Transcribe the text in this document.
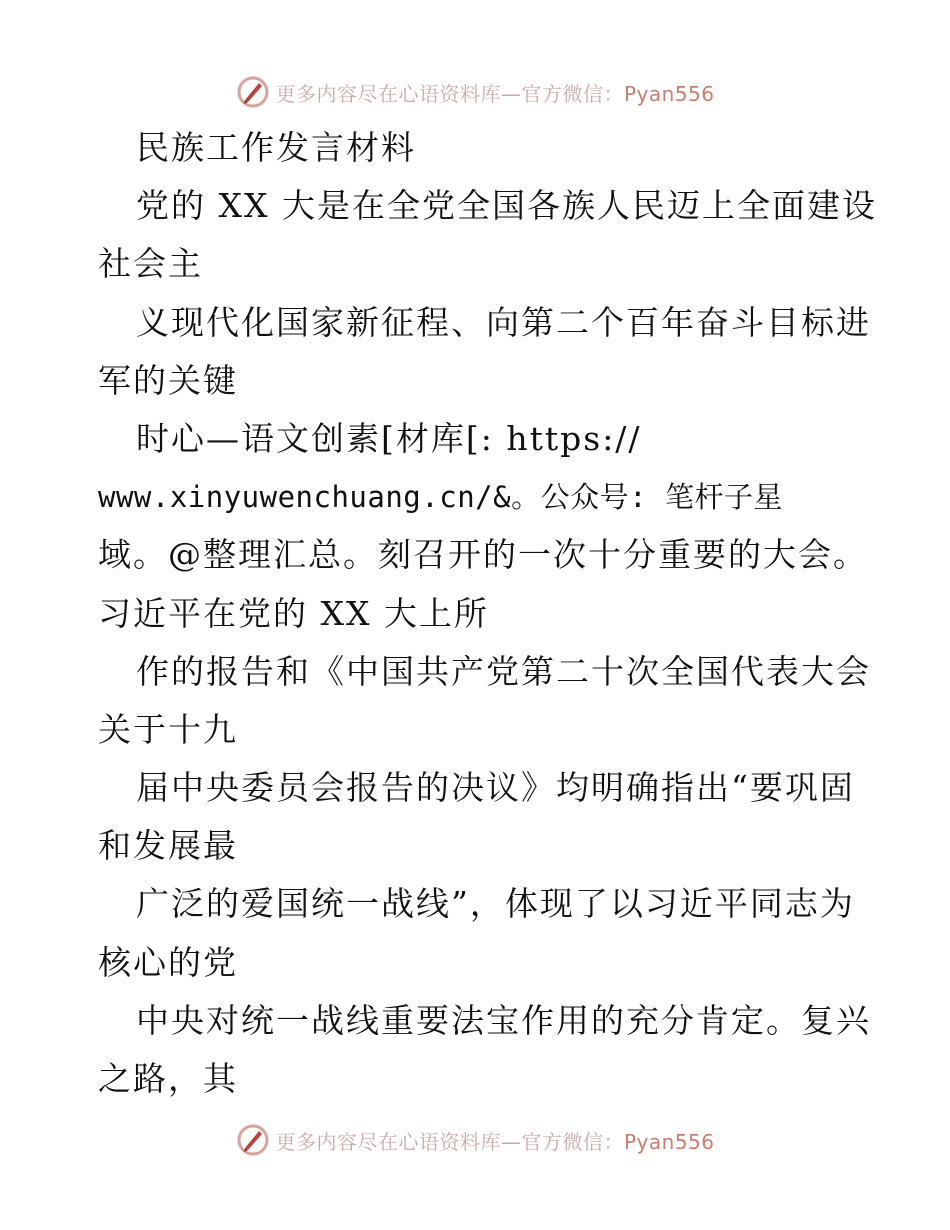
更多内容尽在心语资料库—官方微信：Pyan556
民族工作发言材料
党的 XX 大是在全党全国各族人民迈上全面建设
社会主
义现代化国家新征程、向第二个百年奋斗目标进
军的关键
时心—语文创素[材库[: https://
www.xinyuwenchuang.cn/&。公众号: 笔杆子星
域。@整理汇总。刻召开的一次十分重要的大会。
习近平在党的 XX 大上所
作的报告和《中国共产党第二十次全国代表大会
关于十九
届中央委员会报告的决议》均明确指出“要巩固
和发展最
广泛的爱国统一战线”，体现了以习近平同志为
核心的党
中央对统一战线重要法宝作用的充分肯定。复兴
之路，其
更多内容尽在心语资料库—官方微信：Pyan556
